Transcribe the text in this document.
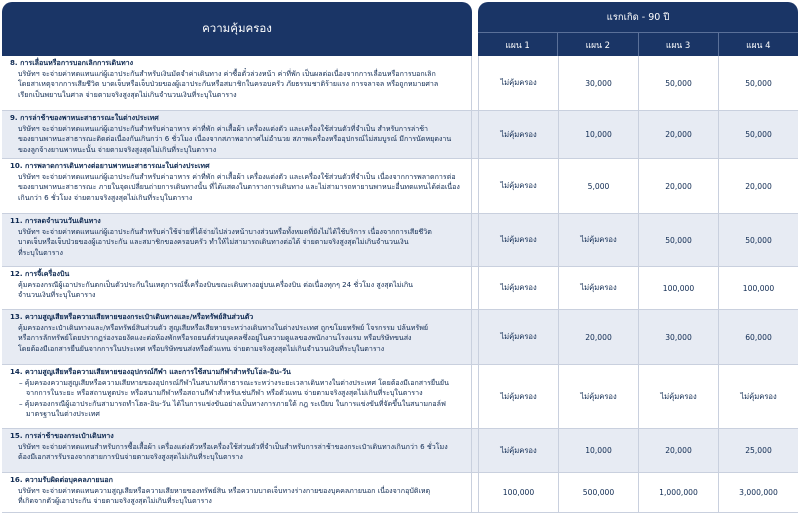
ความคุ้มครอง
แรกเกิด - 90 ปี
แผน 1	แผน 2	แผน 3	แผน 4
8. การเลื่อนหรือการบอกเลิกการเดินทาง
บริษัทฯ จะจ่ายค่าทดแทนแก่ผู้เอาประกันสำหรับเงินมัดจำค่าเดินทาง ค่าซื้อตั๋วล่วงหน้า ค่าที่พัก เป็นผลต่อเนื่องจากการเลื่อนหรือการบอกเลิก
โดยสาเหตุจากการเสียชีวิต บาดเจ็บหรือเจ็บป่วยของผู้เอาประกันหรือสมาชิกในครอบครัว ภัยธรรมชาติร้ายแรง การจลาจล หรือถูกหมายศาล
เรียกเป็นพยานในศาล จ่ายตามจริงสูงสุดไม่เกินจำนวนเงินที่ระบุในตาราง
ไม่คุ้มครอง	30,000	50,000	50,000
9. การล่าช้าของพาหนะสาธารณะในต่างประเทศ
บริษัทฯ จะจ่ายค่าทดแทนแก่ผู้เอาประกันสำหรับค่าอาหาร ค่าที่พัก ค่าเสื้อผ้า เครื่องแต่งตัว และเครื่องใช้ส่วนตัวที่จำเป็น สำหรับการล่าช้า
ของยานพาหนะสาธารณะติดต่อเนื่องกันเกินกว่า 6 ชั่วโมง เนื่องจากสภาพอากาศไม่อำนวย สภาพเครื่องหรืออุปกรณ์ไม่สมบูรณ์ มีการนัดหยุดงาน
ของลูกจ้างยานพาหนะนั้น จ่ายตามจริงสูงสุดไม่เกินที่ระบุในตาราง
ไม่คุ้มครอง	10,000	20,000	50,000
10. การพลาดการเดินทางต่อยานพาหนะสาธารณะในต่างประเทศ
บริษัทฯ จะจ่ายค่าทดแทนแก่ผู้เอาประกันสำหรับค่าอาหาร ค่าที่พัก ค่าเสื้อผ้า เครื่องแต่งตัว และเครื่องใช้ส่วนตัวที่จำเป็น เนื่องจากการพลาดการต่อ
ของยานพาหนะสาธารณะ ภายในจุดเปลี่ยนถ่ายการเดินทางนั้น ที่ได้แสดงในตารางการเดินทาง และไม่สามารถหายานพาหนะอื่นทดแทนได้ต่อเนื่อง
เกินกว่า 6 ชั่วโมง จ่ายตามจริงสูงสุดไม่เกินที่ระบุในตาราง
ไม่คุ้มครอง	5,000	20,000	20,000
11. การลดจำนวนวันเดินทาง
บริษัทฯ จะจ่ายค่าทดแทนแก่ผู้เอาประกันสำหรับค่าใช้จ่ายที่ได้จ่ายไปล่วงหน้าบางส่วนหรือทั้งหมดที่ยังไม่ได้ใช้บริการ เนื่องจากการเสียชีวิต
บาดเจ็บหรือเจ็บป่วยของผู้เอาประกัน และสมาชิกของครอบครัว ทำให้ไม่สามารถเดินทางต่อได้ จ่ายตามจริงสูงสุดไม่เกินจำนวนเงิน
ที่ระบุในตาราง
ไม่คุ้มครอง	ไม่คุ้มครอง	50,000	50,000
12. การจี้เครื่องบิน
คุ้มครองกรณีผู้เอาประกันตกเป็นตัวประกันในเหตุการณ์จี้เครื่องบินขณะเดินทางอยู่บนเครื่องบิน ต่อเนื่องทุกๆ 24 ชั่วโมง สูงสุดไม่เกิน
จำนวนเงินที่ระบุในตาราง
ไม่คุ้มครอง	ไม่คุ้มครอง	100,000	100,000
13. ความสูญเสียหรือความเสียหายของกระเป๋าเดินทางและ/หรือทรัพย์สินส่วนตัว
คุ้มครองกระเป๋าเดินทางและ/หรือทรัพย์สินส่วนตัว สูญเสียหรือเสียหายระหว่างเดินทางในต่างประเทศ ถูกขโมยทรัพย์ โจรกรรม ปล้นทรัพย์
หรือการลักทรัพย์โดยปรากฏร่องรอยงัดแงะต่อห้องพักหรือรถยนต์ส่วนบุคคลซึ่งอยู่ในความดูแลของพนักงานโรงแรม หรือบริษัทขนส่ง
โดยต้องมีเอกสารยืนยันจากการในประเทศ หรือบริษัทขนส่งหรือตัวแทน จ่ายตามจริงสูงสุดไม่เกินจำนวนเงินที่ระบุในตาราง
ไม่คุ้มครอง	20,000	30,000	60,000
14. ความสูญเสียหรือความเสียหายของอุปกรณ์กีฬา และการใช้สนามกีฬาสำหรับโอ่ล-อิน-วัน
– คุ้มครองความสูญเสียหรือความเสียหายของอุปกรณ์กีฬาในสนามที่สาธารณะระหว่างระยะเวลาเดินทางในต่างประเทศ โดยต้องมีเอกสารยืนยัน
จากการในระยะ หรือสถานทูตประ หรือสนามกีฬาหรือสถานกีฬาสำหรับเช่นกีฬา หรือตัวแทน จ่ายตามจริงสูงสุดไม่เกินที่ระบุในตาราง
– คุ้มครองกรณีผู้เอาประกันสามารถทำโฮล-อิน-วัน ได้ในการแข่งขันอย่างเป็นทางการภายใต้ กฎ ระเบียบ ในการแข่งขันที่จัดขึ้นในสนามกอล์ฟ
มาตรฐานในต่างประเทศ
ไม่คุ้มครอง	ไม่คุ้มครอง	ไม่คุ้มครอง	ไม่คุ้มครอง
15. การล่าช้าของกระเป๋าเดินทาง
บริษัทฯ จะจ่ายค่าทดแทนสำหรับการซื้อเสื้อผ้า เครื่องแต่งตัวหรือเครื่องใช้ส่วนตัวที่จำเป็นสำหรับการล่าช้าของกระเป๋าเดินทางเกินกว่า 6 ชั่วโมง
ต้องมีเอกสารรับรองจากสายการบินจ่ายตามจริงสูงสุดไม่เกินที่ระบุในตาราง
ไม่คุ้มครอง	10,000	20,000	25,000
16. ความรับผิดต่อบุคคลภายนอก
บริษัทฯ จะจ่ายค่าทดแทนความสูญเสียหรือความเสียหายของทรัพย์สิน หรือความบาดเจ็บทางร่างกายของบุคคลภายนอก เนื่องจากอุบัติเหตุ
ที่เกิดจากตัวผู้เอาประกัน จ่ายตามจริงสูงสุดไม่เกินที่ระบุในตาราง
100,000	500,000	1,000,000	3,000,000
